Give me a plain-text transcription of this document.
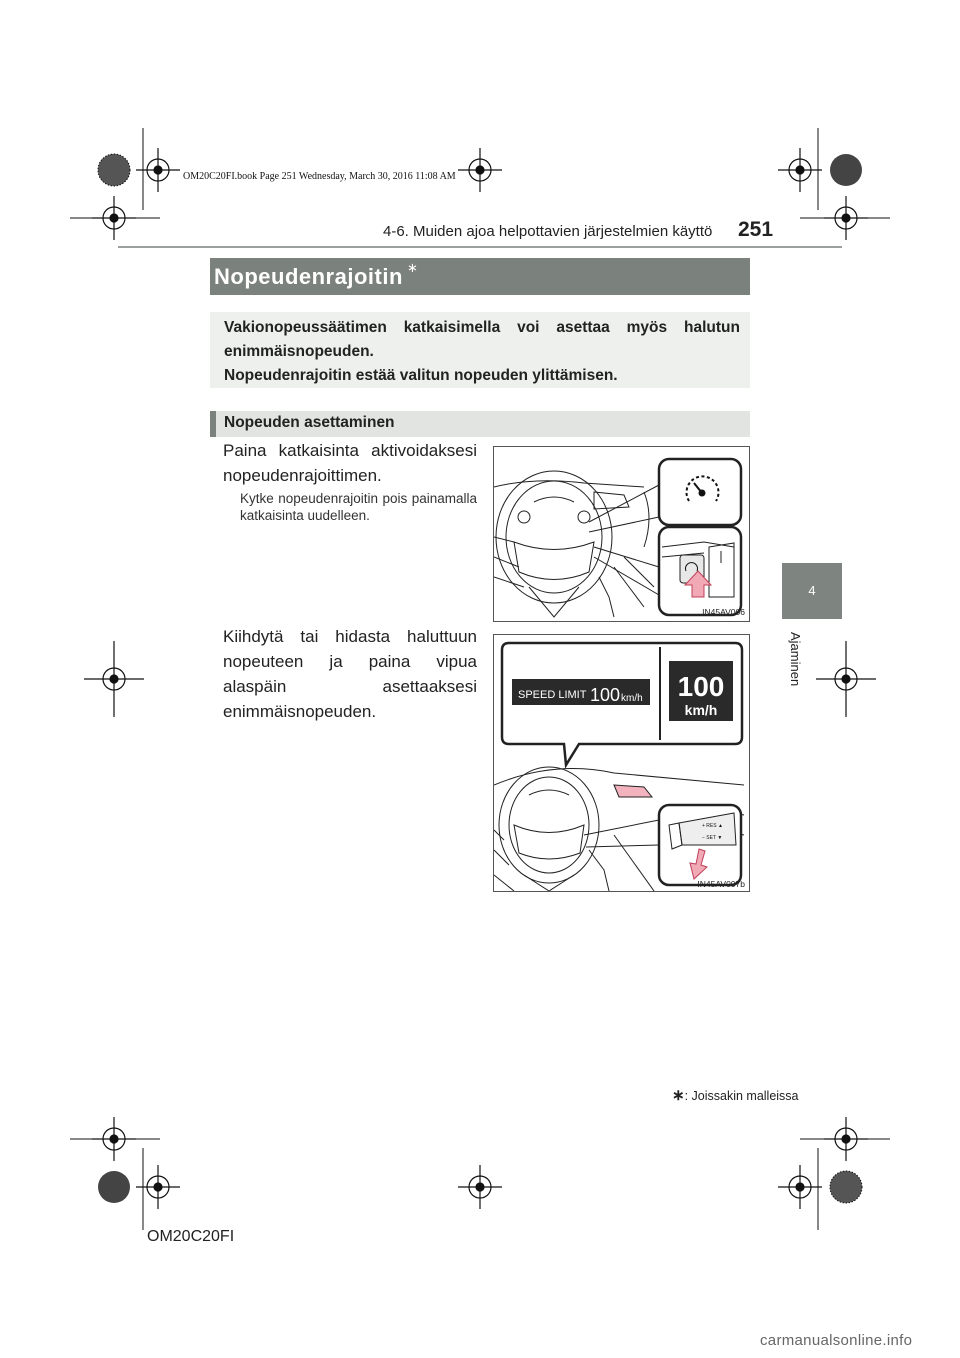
OM20C20FI.book Page 251 Wednesday, March 30, 2016 11:08 AM
4-6. Muiden ajoa helpottavien järjestelmien käyttö 251
4
Ajaminen
Nopeudenrajoitin ∗
Vakionopeussäätimen katkaisimella voi asettaa myös halutun enimmäisnopeuden.
Nopeudenrajoitin estää valitun nopeuden ylittämisen.
Nopeuden asettaminen
Paina katkaisinta aktivoidaksesi nopeudenrajoittimen.
Kytke nopeudenrajoitin pois painamalla katkaisinta uudelleen.
IN45AV006
Kiihdytä tai hidasta haluttuun nopeuteen ja paina vipua alaspäin asettaaksesi enimmäisnopeuden.
SPEED LIMIT 100 km/h 100
km/h
+ RES ▲
− SET ▼
IN45AV007b
∗: Joissakin malleissa
OM20C20FI
carmanualsonline.info
